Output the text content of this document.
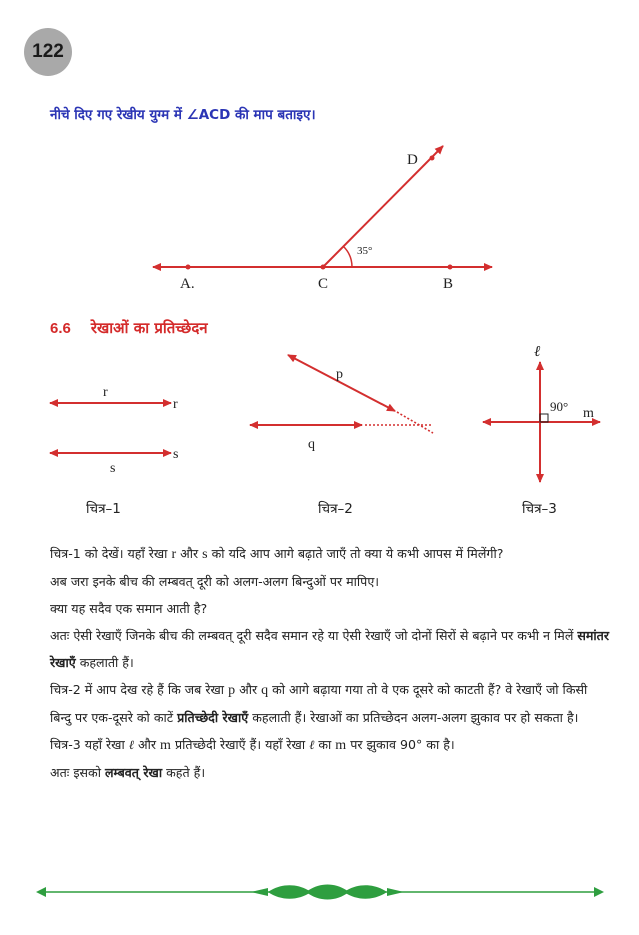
122
नीचे दिए गए रेखीय युग्म में ∠ACD की माप बताइए।
D
A.	C	B
35°
6.6 रेखाओं का प्रतिच्छेदन
r
r
s
s
p
q
ℓ
90° m
चित्र–1	चित्र–2	चित्र–3

चित्र-1 को देखें। यहाँ रेखा r और s को यदि आप आगे बढ़ाते जाएँ तो क्या ये कभी आपस में मिलेंगी?

अब जरा इनके बीच की लम्बवत् दूरी को अलग-अलग बिन्दुओं पर मापिए।

क्या यह सदैव एक समान आती है?

अतः ऐसी रेखाएँ जिनके बीच की लम्बवत् दूरी सदैव समान रहे या ऐसी रेखाएँ जो दोनों सिरों से बढ़ाने पर कभी न मिलें समांतर रेखाएँ कहलाती हैं।

चित्र-2 में आप देख रहे हैं कि जब रेखा p और q को आगे बढ़ाया गया तो वे एक दूसरे को काटती हैं? वे रेखाएँ जो किसी बिन्दु पर एक-दूसरे को काटें प्रतिच्छेदी रेखाएँ कहलाती हैं। रेखाओं का प्रतिच्छेदन अलग-अलग झुकाव पर हो सकता है।

चित्र-3 यहाँ रेखा ℓ और m प्रतिच्छेदी रेखाएँ हैं। यहाँ रेखा ℓ का m पर झुकाव 90° का है।

अतः इसको लम्बवत् रेखा कहते हैं।
